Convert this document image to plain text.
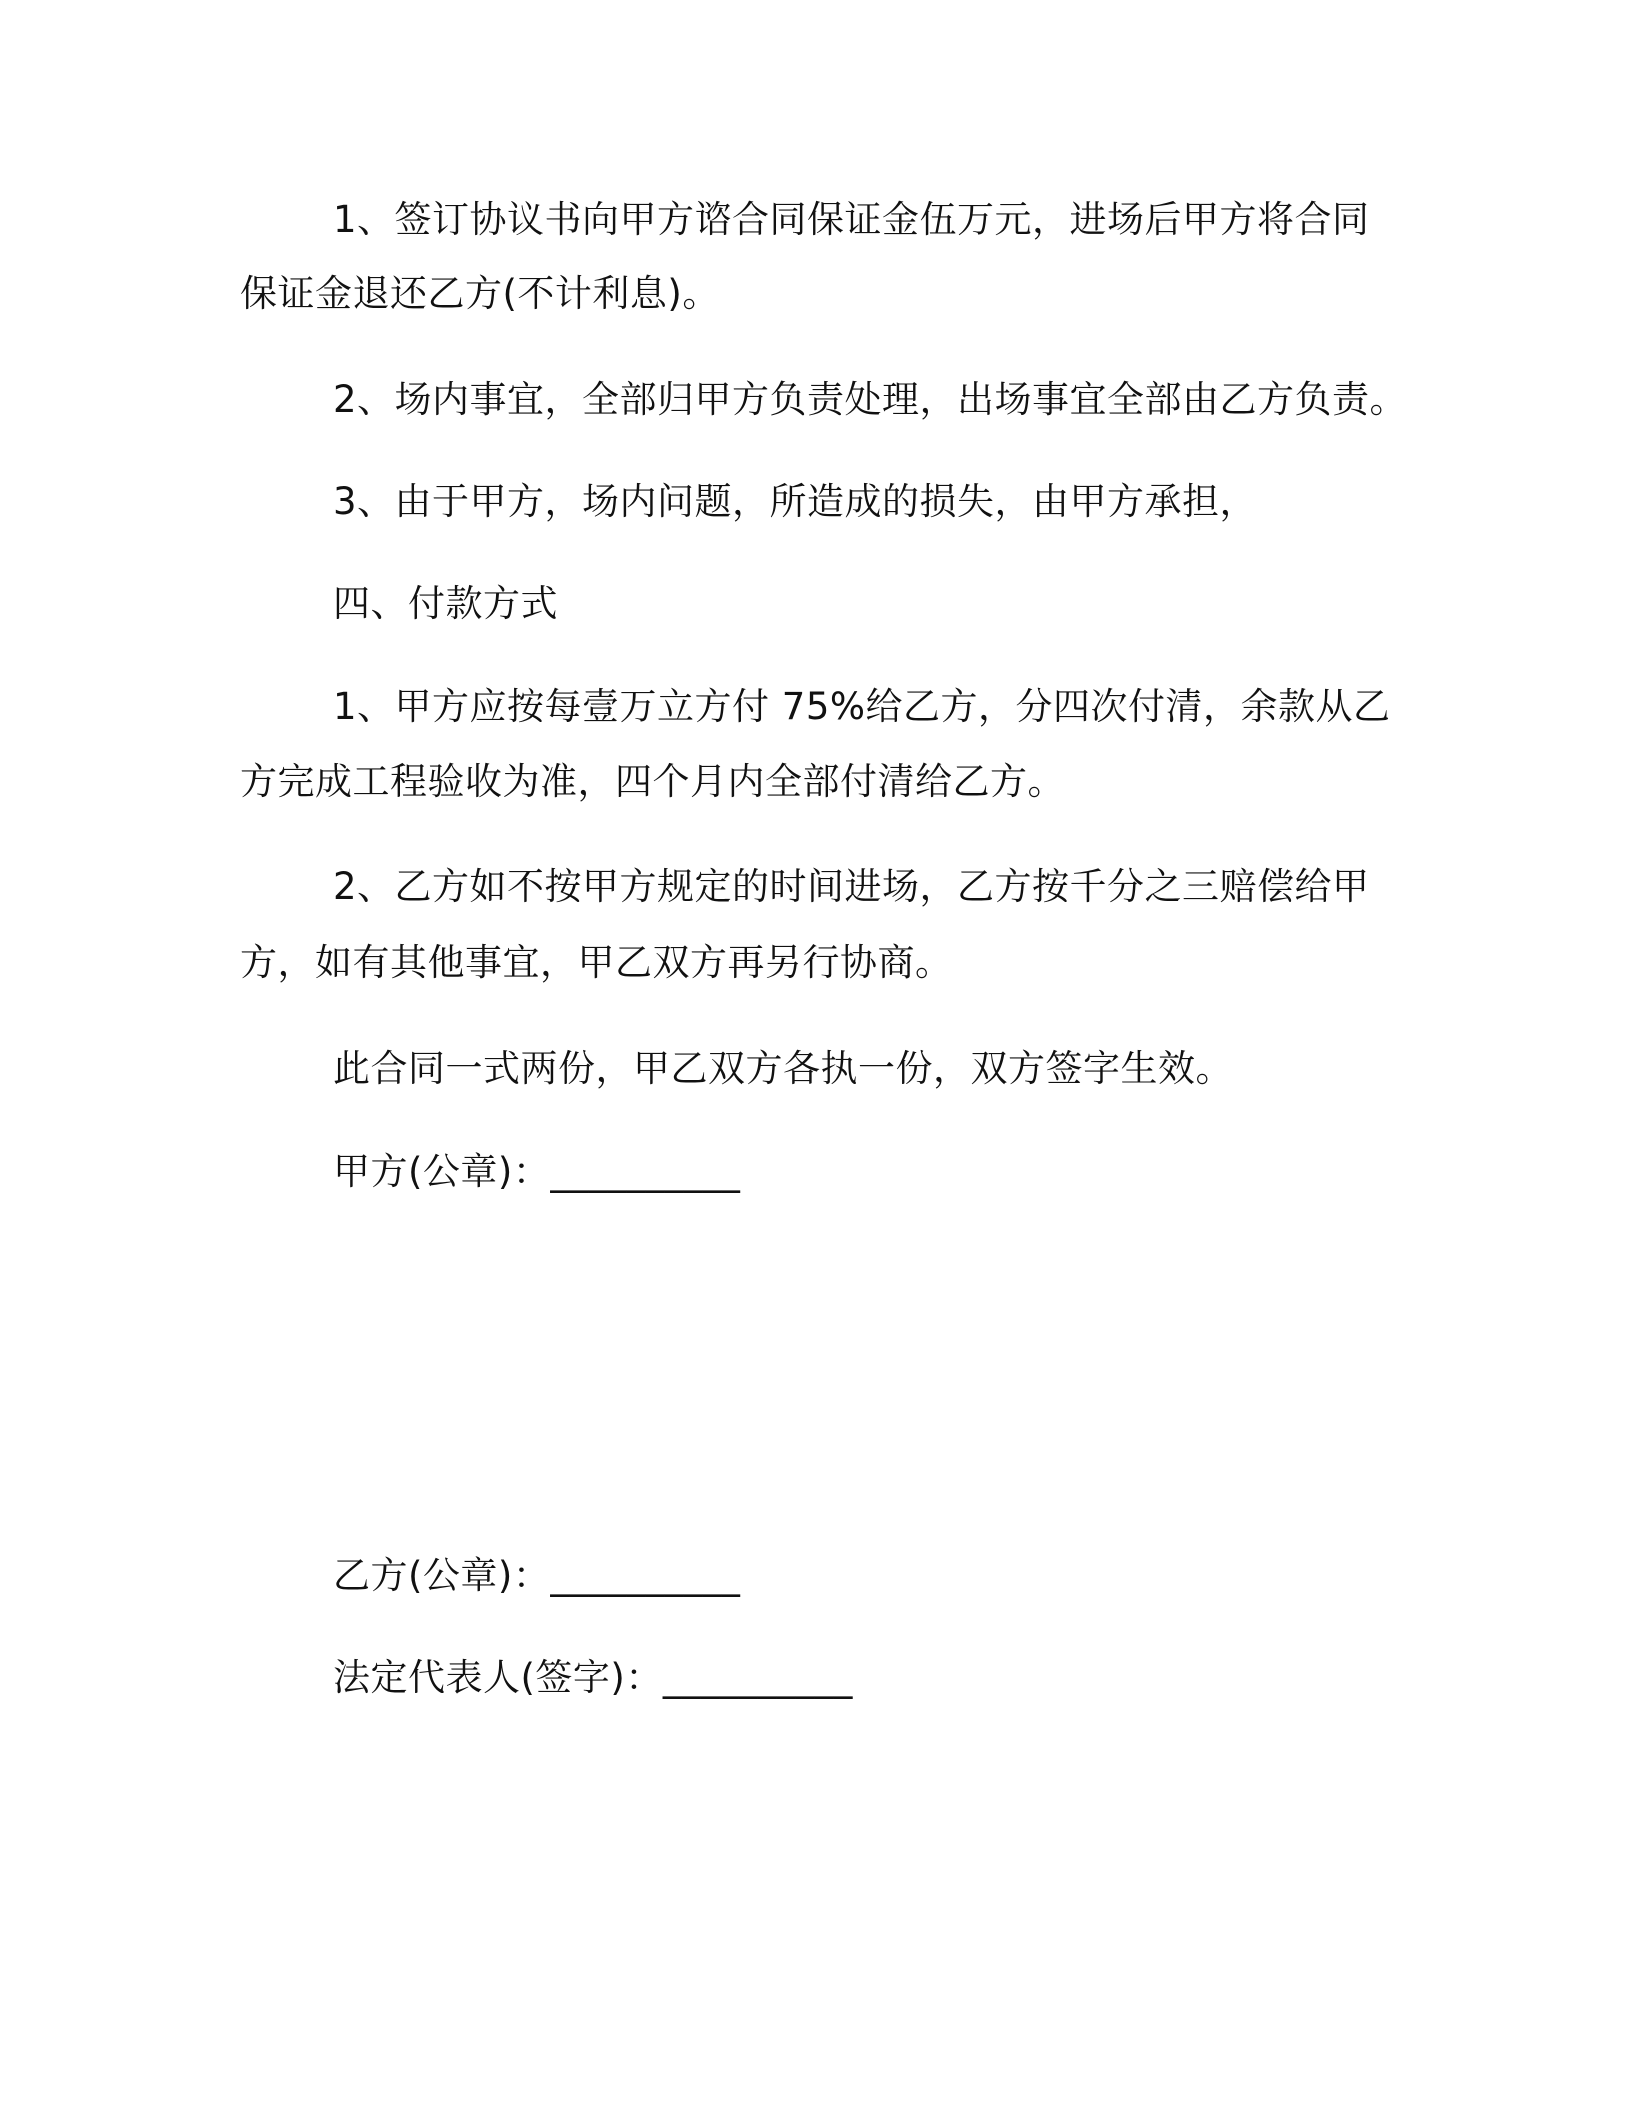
1、签订协议书向甲方谘合同保证金伍万元，进场后甲方将合同
保证金退还乙方(不计利息)。
2、场内事宜，全部归甲方负责处理，出场事宜全部由乙方负责。
3、由于甲方，场内问题，所造成的损失，由甲方承担，
四、付款方式
1、甲方应按每壹万立方付 75%给乙方，分四次付清，余款从乙
方完成工程验收为准，四个月内全部付清给乙方。
2、乙方如不按甲方规定的时间进场，乙方按千分之三赔偿给甲
方，如有其他事宜，甲乙双方再另行协商。
此合同一式两份，甲乙双方各执一份，双方签字生效。
甲方(公章)：__________
乙方(公章)：__________
法定代表人(签字)：__________
